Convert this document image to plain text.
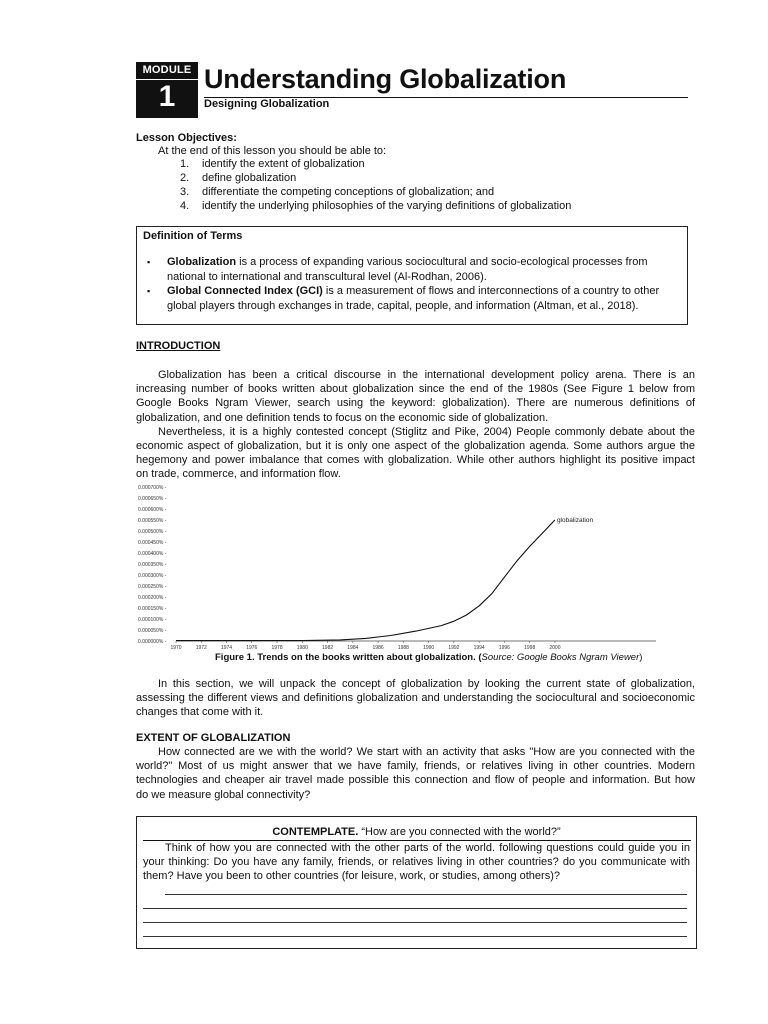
MODULE
1
Understanding Globalization
Designing Globalization
Lesson Objectives:
At the end of this lesson you should be able to:
1. identify the extent of globalization
2. define globalization
3. differentiate the competing conceptions of globalization; and
4. identify the underlying philosophies of the varying definitions of globalization
Definition of Terms
▪ Globalization is a process of expanding various sociocultural and socio-ecological processes from
national to international and transcultural level (Al-Rodhan, 2006).
▪ Global Connected Index (GCI) is a measurement of flows and interconnections of a country to other
global players through exchanges in trade, capital, people, and information (Altman, et al., 2018).
INTRODUCTION
Globalization has been a critical discourse in the international development policy arena. There is an
increasing number of books written about globalization since the end of the 1980s (See Figure 1 below from
Google Books Ngram Viewer, search using the keyword: globalization). There are numerous definitions of
globalization, and one definition tends to focus on the economic side of globalization.
Nevertheless, it is a highly contested concept (Stiglitz and Pike, 2004) People commonly debate about the
economic aspect of globalization, but it is only one aspect of the globalization agenda. Some authors argue the
hegemony and power imbalance that comes with globalization. While other authors highlight its positive impact
on trade, commerce, and information flow.
0.000000% -
0.000050% -
0.000100% -
0.000150% -
0.000200% -
0.000250% -
0.000300% -
0.000350% -
0.000400% -
0.000450% -
0.000500% -
0.000550% -
0.000600% -
0.000650% -
0.000700% -
1970	1972	1974	1976	1978	1980	1982	1984	1986	1988	1990	1992	1994	1996	1998	2000
globalization
Figure 1. Trends on the books written about globalization. (Source: Google Books Ngram Viewer)
In this section, we will unpack the concept of globalization by looking the current state of globalization,
assessing the different views and definitions globalization and understanding the sociocultural and socioeconomic
changes that come with it.
EXTENT OF GLOBALIZATION
How connected are we with the world? We start with an activity that asks "How are you connected with the
world?" Most of us might answer that we have family, friends, or relatives living in other countries. Modern
technologies and cheaper air travel made possible this connection and flow of people and information. But how
do we measure global connectivity?
CONTEMPLATE. “How are you connected with the world?”
Think of how you are connected with the other parts of the world. following questions could guide you in
your thinking: Do you have any family, friends, or relatives living in other countries? do you communicate with
them? Have you been to other countries (for leisure, work, or studies, among others)?
